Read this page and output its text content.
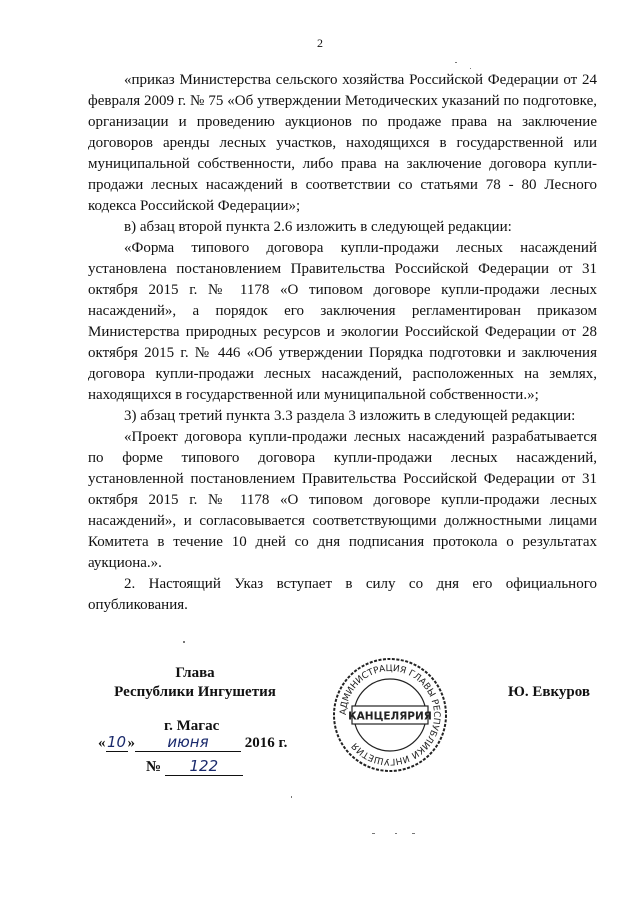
2

«приказ Министерства сельского хозяйства Российской Федерации от 24 февраля 2009 г. № 75 «Об утверждении Методических указаний по подготовке, организации и проведению аукционов по продаже права на заключение договоров аренды лесных участков, находящихся в государственной или муниципальной собственности, либо права на заключение договора купли-продажи лесных насаждений в соответствии со статьями 78 - 80 Лесного кодекса Российской Федерации»;

в) абзац второй пункта 2.6 изложить в следующей редакции:

«Форма типового договора купли-продажи лесных насаждений установлена постановлением Правительства Российской Федерации от 31 октября 2015 г. № 1178 «О типовом договоре купли-продажи лесных насаждений», а порядок его заключения регламентирован приказом Министерства природных ресурсов и экологии Российской Федерации от 28 октября 2015 г. № 446 «Об утверждении Порядка подготовки и заключения договора купли-продажи лесных насаждений, расположенных на землях, находящихся в государственной или муниципальной собственности.»;

3) абзац третий пункта 3.3 раздела 3 изложить в следующей редакции:

«Проект договора купли-продажи лесных насаждений разрабатывается по форме типового договора купли-продажи лесных насаждений, установленной постановлением Правительства Российской Федерации от 31 октября 2015 г. № 1178 «О типовом договоре купли-продажи лесных насаждений», и согласовывается соответствующими должностными лицами Комитета в течение 10 дней со дня подписания протокола о результатах аукциона.».

2. Настоящий Указ вступает в силу со дня его официального опубликования.

Глава
Республики Ингушетия	Ю. Евкуров
г. Магас
«10» июня 2016 г.
№ 122
АДМИНИСТРАЦИЯ ГЛАВЫ РЕСПУБЛИКИ ИНГУШЕТИЯ
КАНЦЕЛЯРИЯ
